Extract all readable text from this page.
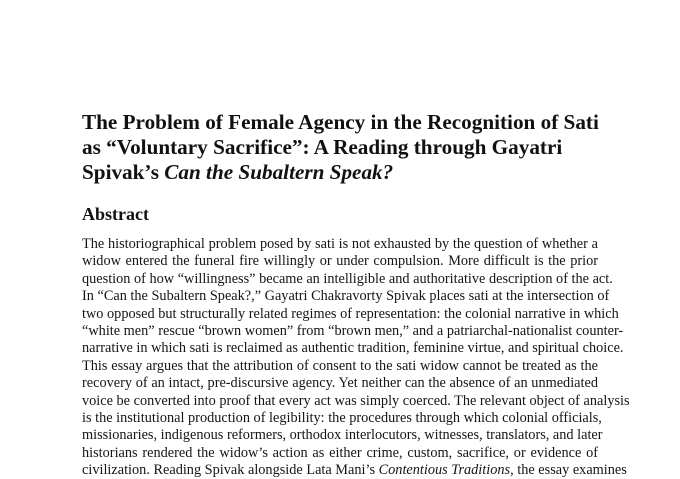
The Problem of Female Agency in the Recognition of Sati
as “Voluntary Sacrifice”: A Reading through Gayatri
Spivak’s Can the Subaltern Speak?
Abstract
The historiographical problem posed by sati is not exhausted by the question of whether a
widow entered the funeral fire willingly or under compulsion. More difficult is the prior
question of how “willingness” became an intelligible and authoritative description of the act.
In “Can the Subaltern Speak?,” Gayatri Chakravorty Spivak places sati at the intersection of
two opposed but structurally related regimes of representation: the colonial narrative in which
“white men” rescue “brown women” from “brown men,” and a patriarchal-nationalist counter-
narrative in which sati is reclaimed as authentic tradition, feminine virtue, and spiritual choice.
This essay argues that the attribution of consent to the sati widow cannot be treated as the
recovery of an intact, pre-discursive agency. Yet neither can the absence of an unmediated
voice be converted into proof that every act was simply coerced. The relevant object of analysis
is the institutional production of legibility: the procedures through which colonial officials,
missionaries, indigenous reformers, orthodox interlocutors, witnesses, translators, and later
historians rendered the widow’s action as either crime, custom, sacrifice, or evidence of
civilization. Reading Spivak alongside Lata Mani’s Contentious Traditions, the essay examines
